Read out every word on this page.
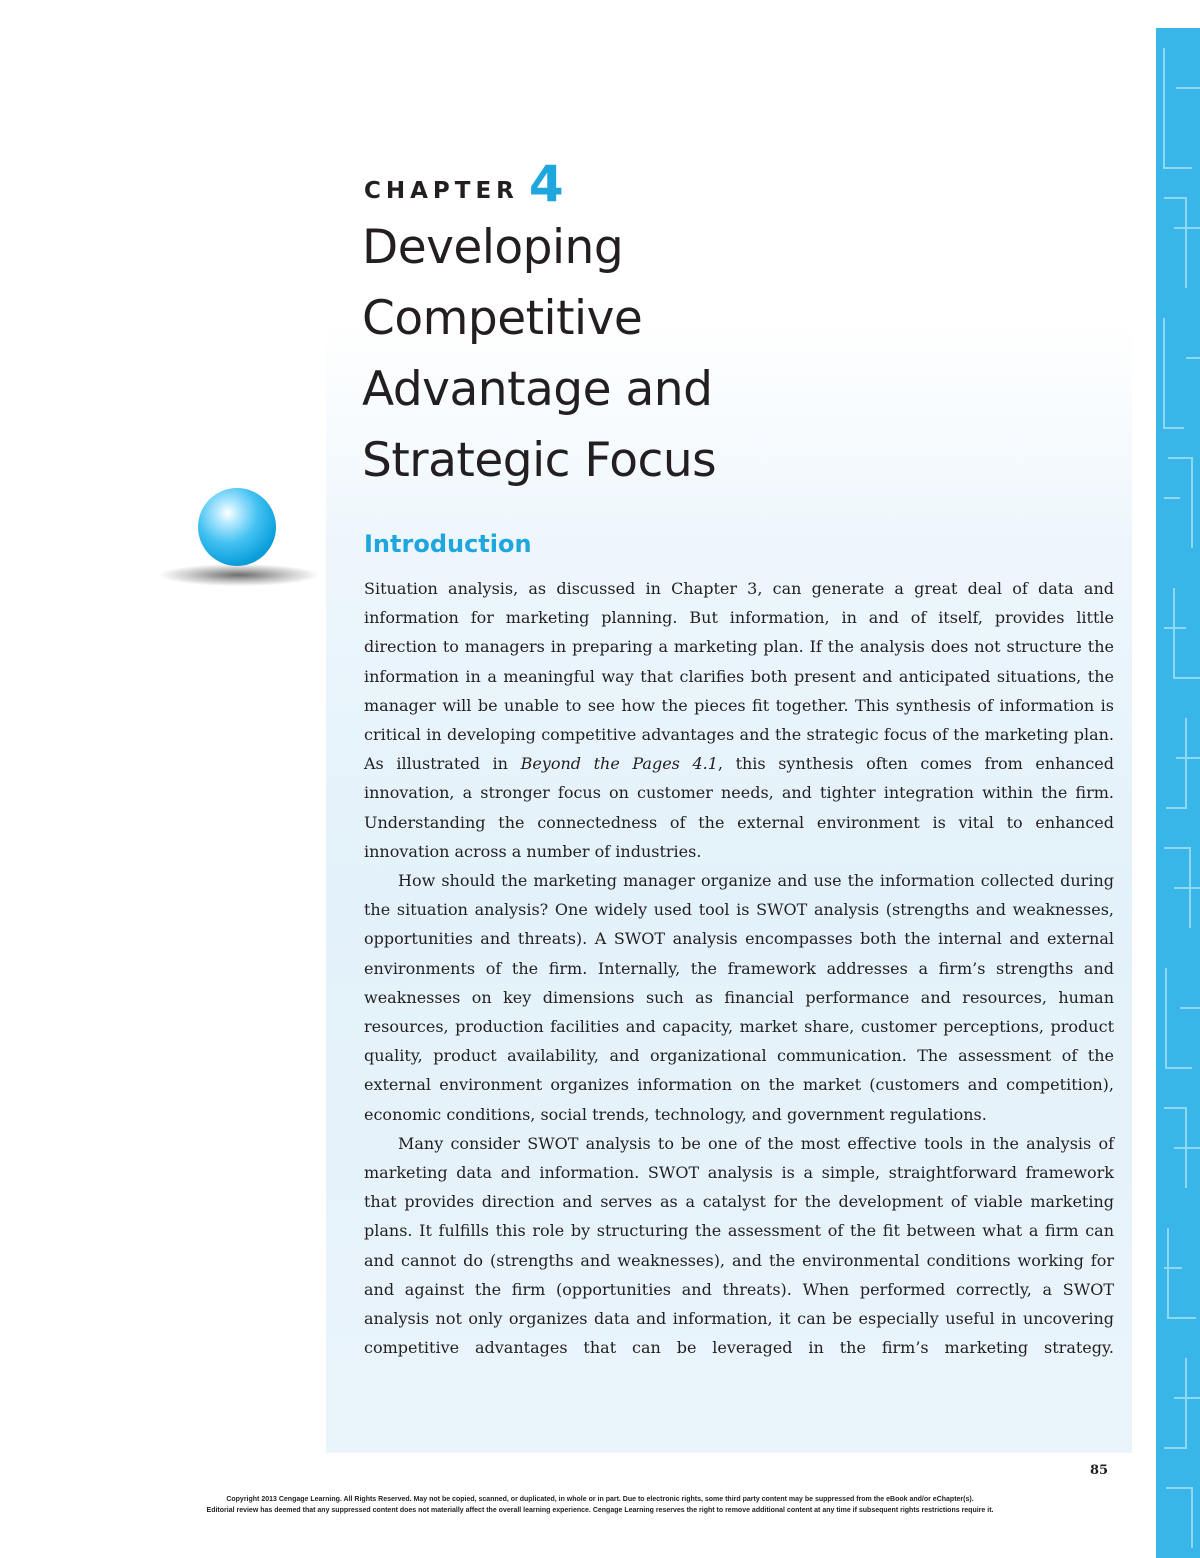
CHAPTER 4
Developing
Competitive
Advantage and
Strategic Focus
Introduction

Situation analysis, as discussed in Chapter 3, can generate a great deal of data and information for marketing planning. But information, in and of itself, provides little direction to managers in preparing a marketing plan. If the analysis does not structure the information in a meaningful way that clarifies both present and anticipated situations, the manager will be unable to see how the pieces fit together. This synthesis of information is critical in developing competitive advantages and the strategic focus of the marketing plan. As illustrated in Beyond the Pages 4.1, this synthesis often comes from enhanced innovation, a stronger focus on customer needs, and tighter integration within the firm. Understanding the connectedness of the external environment is vital to enhanced innovation across a number of industries.

How should the marketing manager organize and use the information collected during the situation analysis? One widely used tool is SWOT analysis (strengths and weaknesses, opportunities and threats). A SWOT analysis encompasses both the internal and external environments of the firm. Internally, the framework addresses a firm’s strengths and weaknesses on key dimensions such as financial performance and resources, human resources, production facilities and capacity, market share, customer perceptions, product quality, product availability, and organizational communication. The assessment of the external environment organizes information on the market (customers and competition), economic conditions, social trends, technology, and government regulations.

Many consider SWOT analysis to be one of the most effective tools in the analysis of marketing data and information. SWOT analysis is a simple, straightforward framework that provides direction and serves as a catalyst for the development of viable marketing plans. It fulfills this role by structuring the assessment of the fit between what a firm can and cannot do (strengths and weaknesses), and the environmental conditions working for and against the firm (opportunities and threats). When performed correctly, a SWOT analysis not only organizes data and information, it can be especially useful in uncovering competitive advantages that can be leveraged in the firm’s marketing strategy.

85
Copyright 2013 Cengage Learning. All Rights Reserved. May not be copied, scanned, or duplicated, in whole or in part. Due to electronic rights, some third party content may be suppressed from the eBook and/or eChapter(s).
Editorial review has deemed that any suppressed content does not materially affect the overall learning experience. Cengage Learning reserves the right to remove additional content at any time if subsequent rights restrictions require it.
